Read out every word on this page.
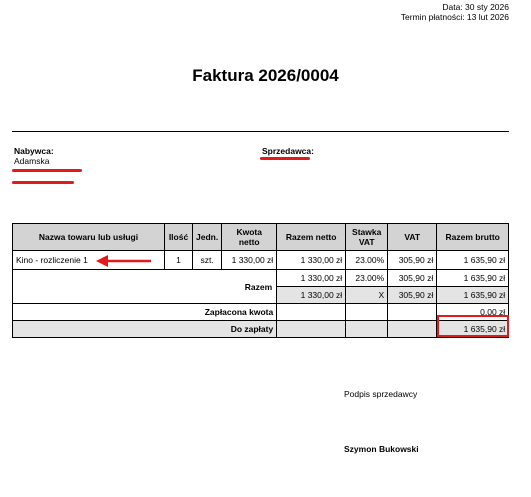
Data: 30 sty 2026
Termin płatności: 13 lut 2026
Faktura 2026/0004
Nabywca:
Adamska
Sprzedawca:
Nazwa towaru lub usługi	Ilość	Jedn.	Kwota netto	Razem netto	Stawka VAT	VAT	Razem brutto
Kino - rozliczenie 1	1	szt.	1 330,00 zł	1 330,00 zł	23.00%	305,90 zł	1 635,90 zł
Razem				1 330,00 zł	23.00%	305,90 zł	1 635,90 zł
				1 330,00 zł	X	305,90 zł	1 635,90 zł
Zapłacona kwota							0,00 zł
Do zapłaty							1 635,90 zł
Podpis sprzedawcy
Szymon Bukowski
